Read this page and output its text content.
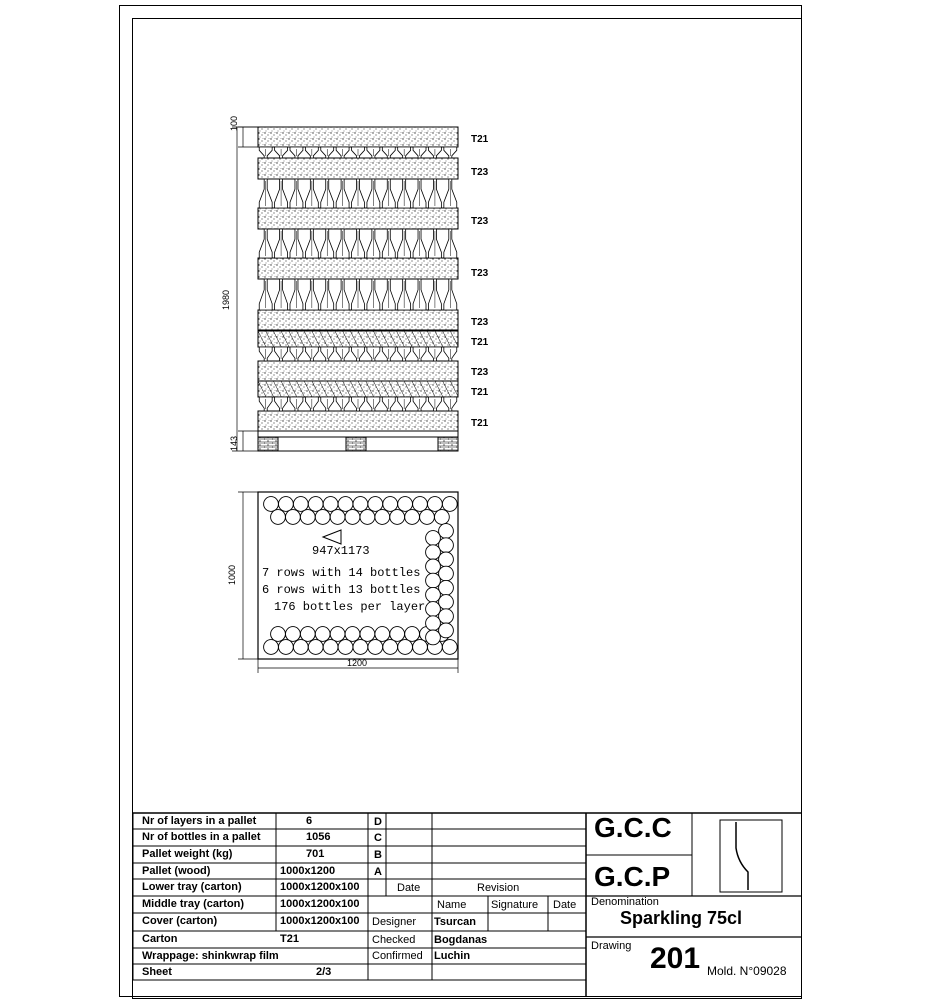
100
1980
143
T21
T23
T23
T23
T23
T21
T23
T21
T21
1000
1200
947x1173
7 rows with 14 bottles
6 rows with 13 bottles
176 bottles per layer
Nr of layers in a pallet	6
Nr of bottles in a pallet	1056
Pallet weight (kg)	701
Pallet (wood)	1000x1200
Lower tray (carton)	1000x1200x100
Middle tray (carton)	1000x1200x100
Cover (carton)	1000x1200x100
Carton	T21
Wrappage: shinkwrap film
Sheet	2/3
D
C
B
A
Date	Revision
Name Signature Date
Designer Tsurcan
Checked Bogdanas
Confirmed Luchin
G.C.C
G.C.P
Denomination
Sparkling 75cl
Drawing 201 Mold. N°09028
